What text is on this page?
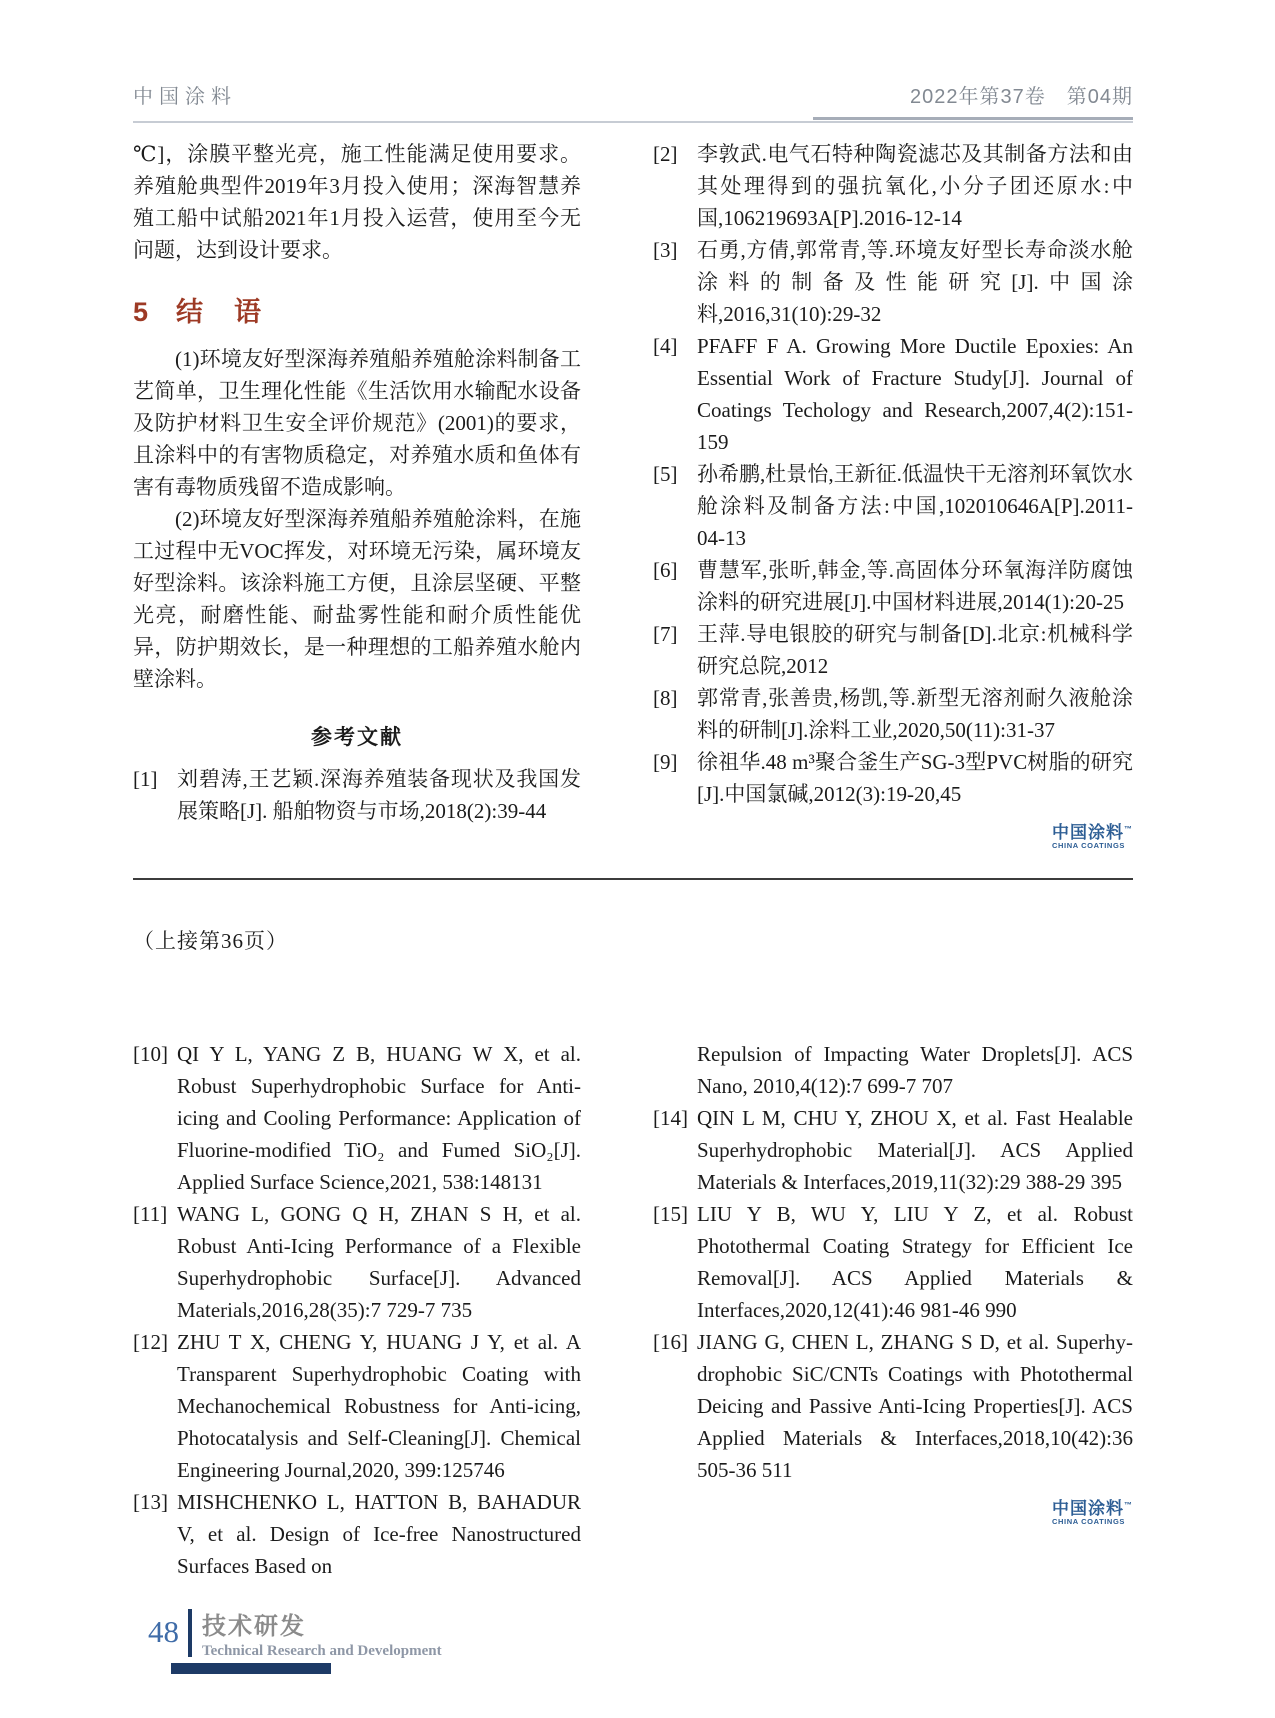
中国涂料	2022年第37卷　第04期

℃]，涂膜平整光亮，施工性能满足使用要求。养殖舱典型件2019年3月投入使用；深海智慧养殖工船中试船2021年1月投入运营，使用至今无问题，达到设计要求。

5 结　语

(1)环境友好型深海养殖船养殖舱涂料制备工艺简单，卫生理化性能《生活饮用水输配水设备及防护材料卫生安全评价规范》(2001)的要求，且涂料中的有害物质稳定，对养殖水质和鱼体有害有毒物质残留不造成影响。

(2)环境友好型深海养殖船养殖舱涂料，在施工过程中无VOC挥发，对环境无污染，属环境友好型涂料。该涂料施工方便，且涂层坚硬、平整光亮，耐磨性能、耐盐雾性能和耐介质性能优异，防护期效长，是一种理想的工船养殖水舱内壁涂料。

参考文献
[1] 刘碧涛,王艺颖.深海养殖装备现状及我国发展策略[J]. 船舶物资与市场,2018(2):39-44
[2] 李敦武.电气石特种陶瓷滤芯及其制备方法和由其处理得到的强抗氧化,小分子团还原水:中国,106219693A[P].2016-12-14
[3] 石勇,方倩,郭常青,等.环境友好型长寿命淡水舱涂料的制备及性能研究[J].中国涂料,2016,31(10):29-32
[4] PFAFF F A. Growing More Ductile Epoxies: An Essential Work of Fracture Study[J]. Journal of Coatings Techology and Research,2007,4(2):151-159
[5] 孙希鹏,杜景怡,王新征.低温快干无溶剂环氧饮水舱涂料及制备方法:中国,102010646A[P].2011-04-13
[6] 曹慧军,张昕,韩金,等.高固体分环氧海洋防腐蚀涂料的研究进展[J].中国材料进展,2014(1):20-25
[7] 王萍.导电银胶的研究与制备[D].北京:机械科学研究总院,2012
[8] 郭常青,张善贵,杨凯,等.新型无溶剂耐久液舱涂料的研制[J].涂料工业,2020,50(11):31-37
[9] 徐祖华.48 m³聚合釜生产SG-3型PVC树脂的研究[J].中国氯碱,2012(3):19-20,45
中国涂料™
CHINA COATINGS
（上接第36页）
[10] QI Y L, YANG Z B, HUANG W X, et al. Robust Superhydrophobic Surface for Anti-icing and Cooling Performance: Application of Fluorine-modified TiO₂ and Fumed SiO₂[J]. Applied Surface Science,2021, 538:148131
[11] WANG L, GONG Q H, ZHAN S H, et al. Robust Anti-Icing Performance of a Flexible Superhydrophobic Surface[J]. Advanced Materials,2016,28(35):7 729-7 735
[12] ZHU T X, CHENG Y, HUANG J Y, et al. A Transparent Superhydrophobic Coating with Mechanochemical Robustness for Anti-icing, Photocatalysis and Self-Cleaning[J]. Chemical Engineering Journal,2020, 399:125746
[13] MISHCHENKO L, HATTON B, BAHADUR V, et al. Design of Ice-free Nanostructured Surfaces Based on
Repulsion of Impacting Water Droplets[J]. ACS Nano, 2010,4(12):7 699-7 707
[14] QIN L M, CHU Y, ZHOU X, et al. Fast Healable Superhydrophobic Material[J]. ACS Applied Materials & Interfaces,2019,11(32):29 388-29 395
[15] LIU Y B, WU Y, LIU Y Z, et al. Robust Photothermal Coating Strategy for Efficient Ice Removal[J]. ACS Applied Materials & Interfaces,2020,12(41):46 981-46 990
[16] JIANG G, CHEN L, ZHANG S D, et al. Superhy-drophobic SiC/CNTs Coatings with Photothermal Deicing and Passive Anti-Icing Properties[J]. ACS Applied Materials & Interfaces,2018,10(42):36 505-36 511
中国涂料™
CHINA COATINGS
48 技术研发
Technical Research and Development
